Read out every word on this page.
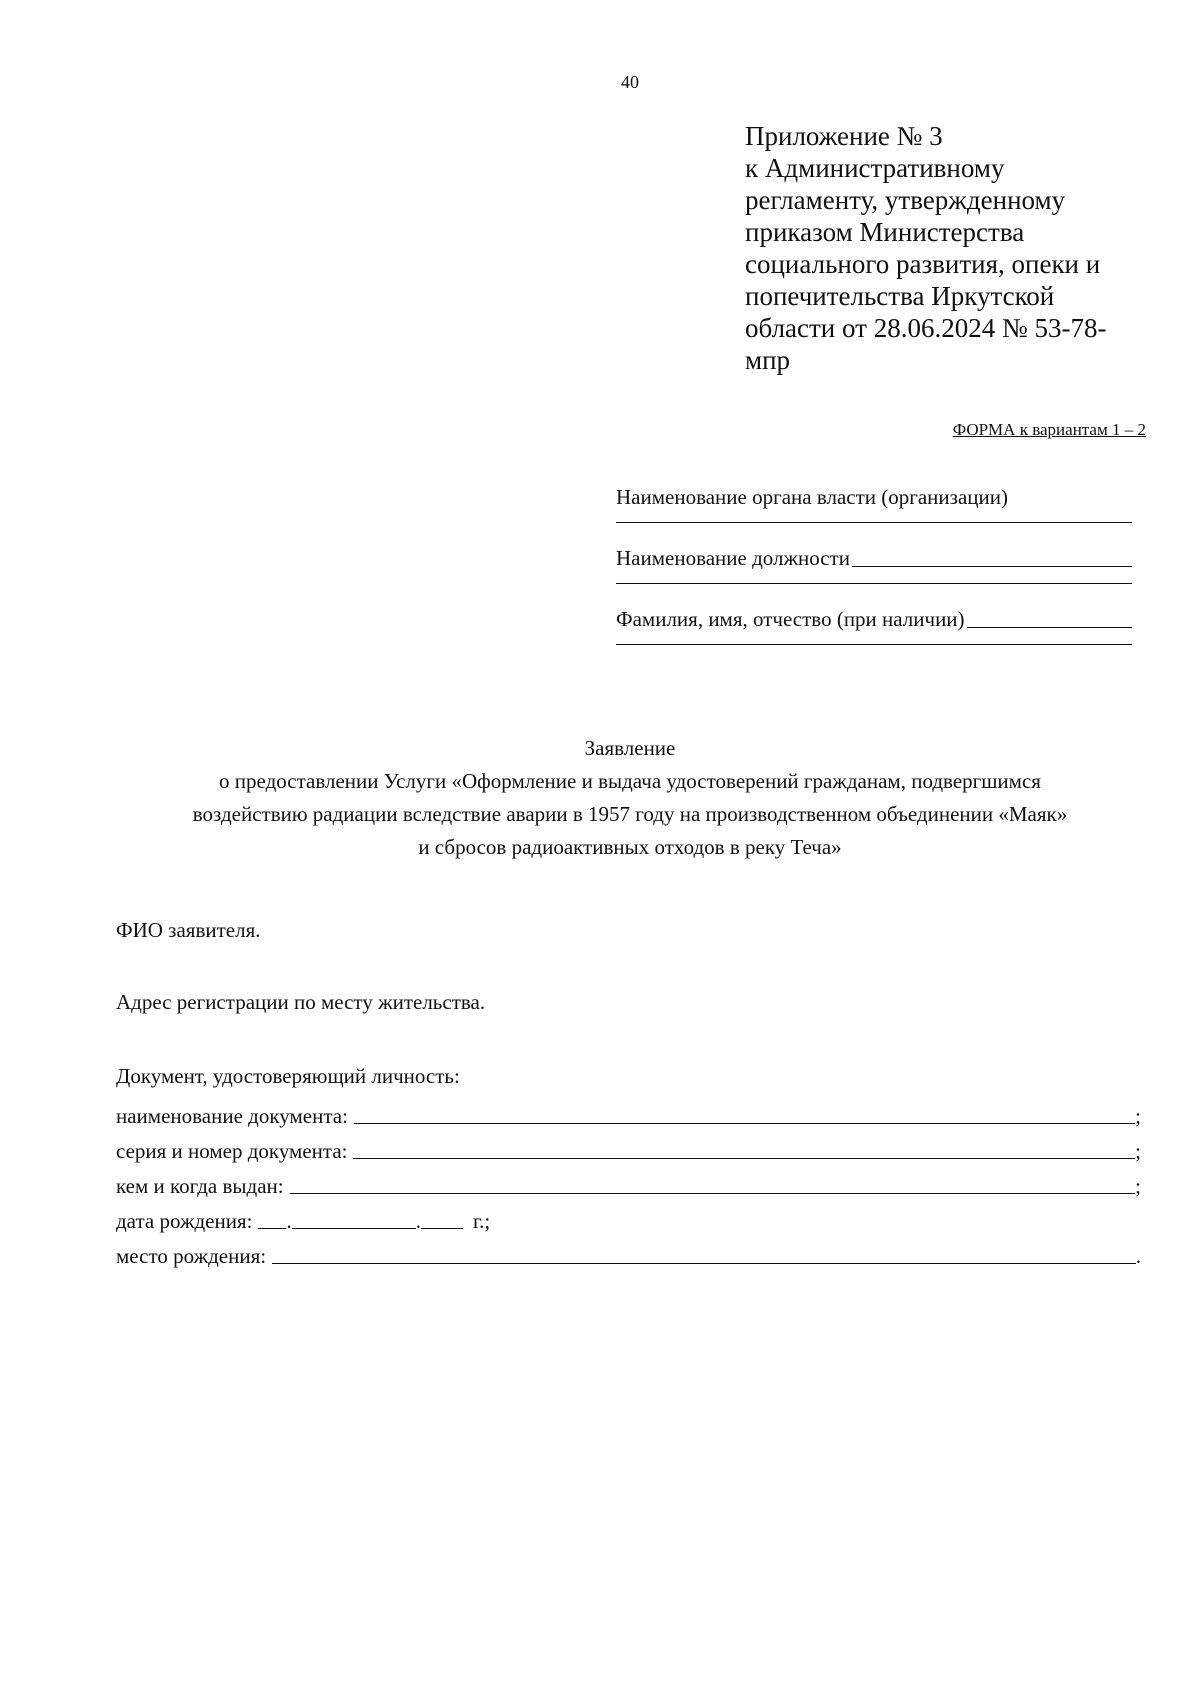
40
Приложение № 3
к Административному
регламенту, утвержденному
приказом Министерства
социального развития, опеки и
попечительства Иркутской
области от 28.06.2024 № 53-78-
мпр
ФОРМА к вариантам 1 – 2
Наименование органа власти (организации)
Наименование должности
Фамилия, имя, отчество (при наличии)
Заявление
о предоставлении Услуги «Оформление и выдача удостоверений гражданам, подвергшимся
воздействию радиации вследствие аварии в 1957 году на производственном объединении «Маяк»
и сбросов радиоактивных отходов в реку Теча»
ФИО заявителя.
Адрес регистрации по месту жительства.
Документ, удостоверяющий личность:
наименование документа:	;
серия и номер документа:	;
кем и когда выдан:	;
дата рождения: .	. г.;
место рождения:	.
